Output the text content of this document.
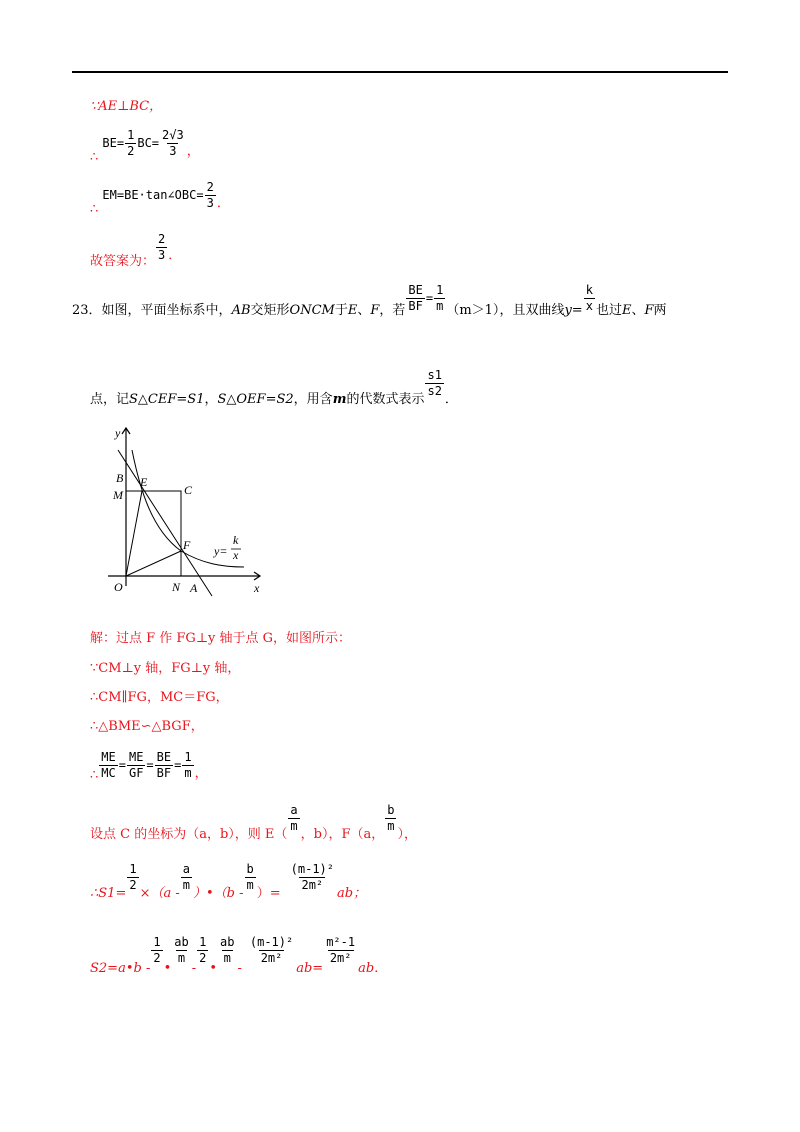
∵AE⊥BC，
∴ $BE= \frac{1}{2} BC= \frac{2√3}{3}$ ，
∴ EM=BE·tan∠OBC= $\frac{2}{3}$ ．
故答案为： $\frac{2}{3}$ ．
23．如图，平面坐标系中，AB交矩形ONCM于E、F，若 $\frac{BE}{BF} = \frac{1}{m} (m>1)$，且双曲线$y= \frac{k}{x}$ 也过E、F两
点，记S△CEF=S1，S△OEF=S2，用含m的代数式表示
$\frac{s1}{s2}$
．
y
B E
M	C
F
O	N A	x
y=
k
x
解：过点 F 作 FG⊥y 轴于点 G，如图所示：
∵CM⊥y 轴，FG⊥y 轴，
∴CM∥FG，MC＝FG，
∴△BME∽△BGF，
∴ $\frac{ME}{MC} = \frac{ME}{GF} = \frac{BE}{BF} = \frac{1}{m}$ ，
设点 C 的坐标为（a，b），则 E（
$\frac{a}{m}$
，b），F（a，
$\frac{b}{m}$
），
∴S1=
$\frac{1}{2}$
×（a -
$\frac{a}{m}$
）•（b -
$\frac{b}{m}$
）=
$\frac{\text{(m-1)²}}{\text{2m²}}$
ab；
S2=a•b -
$\frac{1}{2}$
•
$\frac{ab}{m}$
-
$\frac{1}{2}$
•
$\frac{ab}{m}$
-
$\frac{\text{(m-1)²}}{\text{2m²}}$
ab=
$\frac{\text{m²-1}}{\text{2m²}}$
ab．
